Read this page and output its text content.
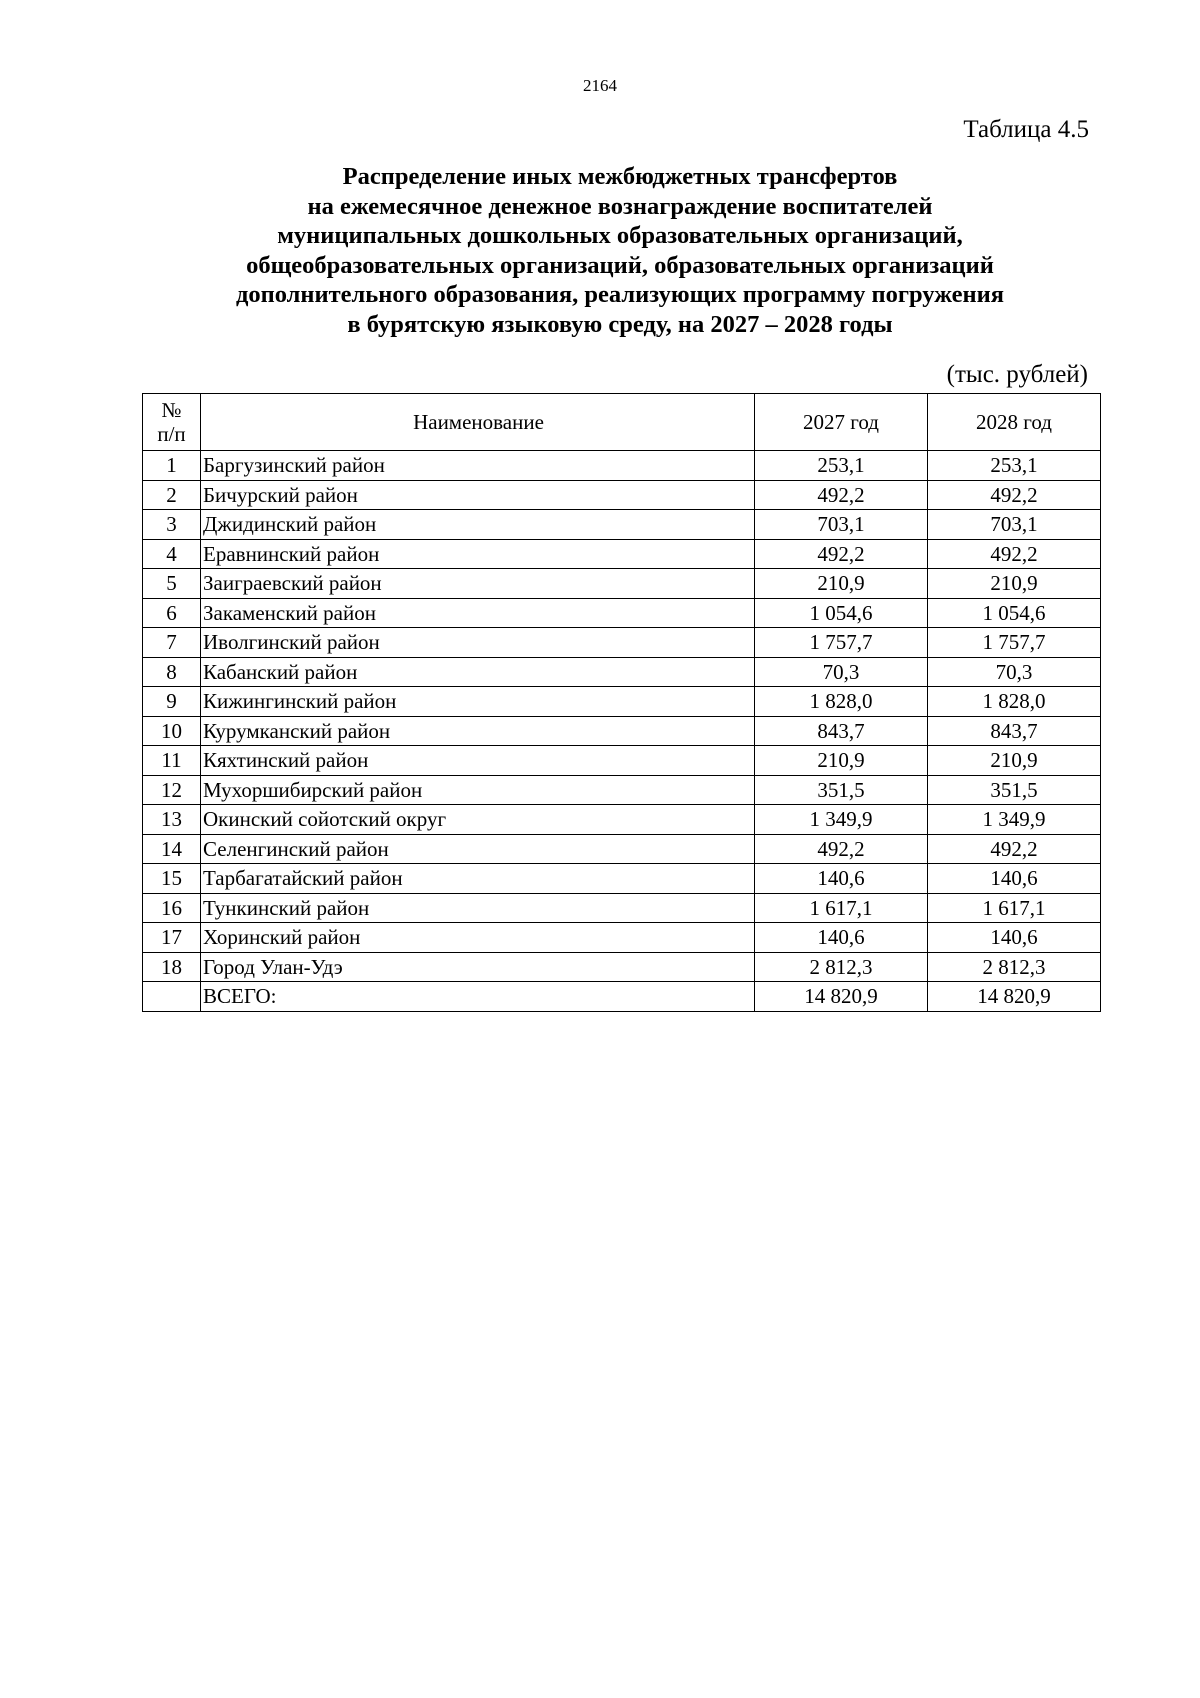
2164
Таблица 4.5
Распределение иных межбюджетных трансфертов
на ежемесячное денежное вознаграждение воспитателей
муниципальных дошкольных образовательных организаций,
общеобразовательных организаций, образовательных организаций
дополнительного образования, реализующих программу погружения
в бурятскую языковую среду, на 2027 – 2028 годы
(тыс. рублей)
№
п/п	Наименование	2027 год	2028 год
1	Баргузинский район	253,1	253,1
2	Бичурский район	492,2	492,2
3	Джидинский район	703,1	703,1
4	Еравнинский район	492,2	492,2
5	Заиграевский район	210,9	210,9
6	Закаменский район	1 054,6	1 054,6
7	Иволгинский район	1 757,7	1 757,7
8	Кабанский район	70,3	70,3
9	Кижингинский район	1 828,0	1 828,0
10	Курумканский район	843,7	843,7
11	Кяхтинский район	210,9	210,9
12	Мухоршибирский район	351,5	351,5
13	Окинский сойотский округ	1 349,9	1 349,9
14	Селенгинский район	492,2	492,2
15	Тарбагатайский район	140,6	140,6
16	Тункинский район	1 617,1	1 617,1
17	Хоринский район	140,6	140,6
18	Город Улан-Удэ	2 812,3	2 812,3
	ВСЕГО:	14 820,9	14 820,9
